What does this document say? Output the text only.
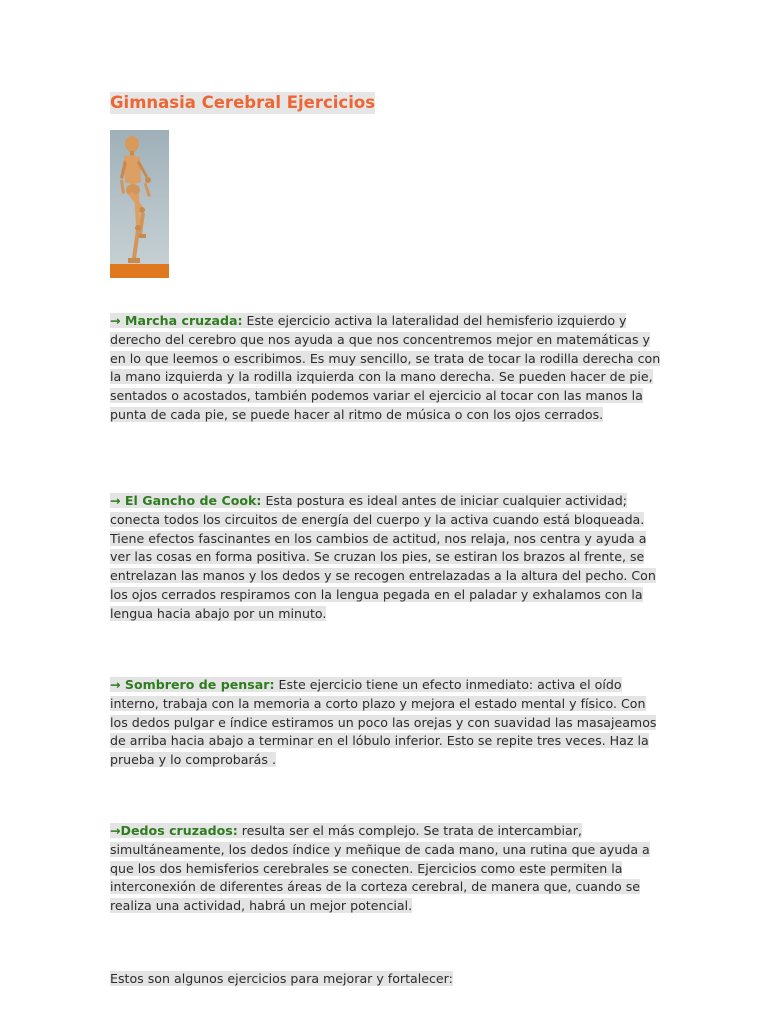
Gimnasia Cerebral Ejercicios

→ Marcha cruzada: Este ejercicio activa la lateralidad del hemisferio izquierdo y derecho del cerebro que nos ayuda a que nos concentremos mejor en matemáticas y en lo que leemos o escribimos. Es muy sencillo, se trata de tocar la rodilla derecha con la mano izquierda y la rodilla izquierda con la mano derecha. Se pueden hacer de pie, sentados o acostados, también podemos variar el ejercicio al tocar con las manos la punta de cada pie, se puede hacer al ritmo de música o con los ojos cerrados.

→ El Gancho de Cook: Esta postura es ideal antes de iniciar cualquier actividad; conecta todos los circuitos de energía del cuerpo y la activa cuando está bloqueada. Tiene efectos fascinantes en los cambios de actitud, nos relaja, nos centra y ayuda a ver las cosas en forma positiva. Se cruzan los pies, se estiran los brazos al frente, se entrelazan las manos y los dedos y se recogen entrelazadas a la altura del pecho. Con los ojos cerrados respiramos con la lengua pegada en el paladar y exhalamos con la lengua hacia abajo por un minuto.

→ Sombrero de pensar: Este ejercicio tiene un efecto inmediato: activa el oído interno, trabaja con la memoria a corto plazo y mejora el estado mental y físico. Con los dedos pulgar e índice estiramos un poco las orejas y con suavidad las masajeamos de arriba hacia abajo a terminar en el lóbulo inferior. Esto se repite tres veces. Haz la prueba y lo comprobarás .

→Dedos cruzados: resulta ser el más complejo. Se trata de intercambiar, simultáneamente, los dedos índice y meñique de cada mano, una rutina que ayuda a que los dos hemisferios cerebrales se conecten. Ejercicios como este permiten la interconexión de diferentes áreas de la corteza cerebral, de manera que, cuando se realiza una actividad, habrá un mejor potencial.

Estos son algunos ejercicios para mejorar y fortalecer:
